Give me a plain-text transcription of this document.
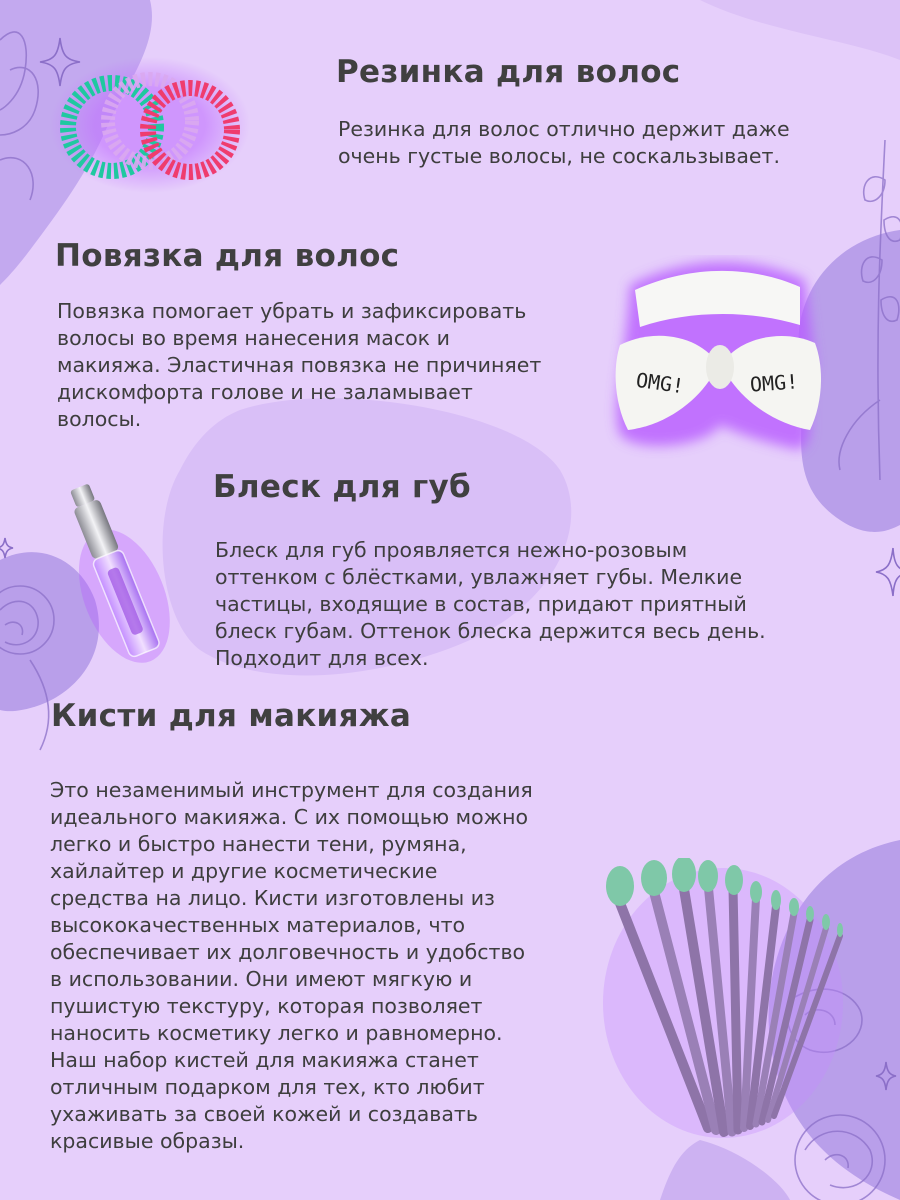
Резинка для волос

Резинка для волос отлично держит даже
очень густые волосы, не соскальзывает.

Повязка для волос

Повязка помогает убрать и зафиксировать
волосы во время нанесения масок и
макияжа. Эластичная повязка не причиняет
дискомфорта голове и не заламывает
волосы.

OMG!	OMG!
Блеск для губ

Блеск для губ проявляется нежно-розовым
оттенком с блёстками, увлажняет губы. Мелкие
частицы, входящие в состав, придают приятный
блеск губам. Оттенок блеска держится весь день.
Подходит для всех.

Кисти для макияжа

Это незаменимый инструмент для создания
идеального макияжа. С их помощью можно
легко и быстро нанести тени, румяна,
хайлайтер и другие косметические
средства на лицо. Кисти изготовлены из
высококачественных материалов, что
обеспечивает их долговечность и удобство
в использовании. Они имеют мягкую и
пушистую текстуру, которая позволяет
наносить косметику легко и равномерно.
Наш набор кистей для макияжа станет
отличным подарком для тех, кто любит
ухаживать за своей кожей и создавать
красивые образы.
